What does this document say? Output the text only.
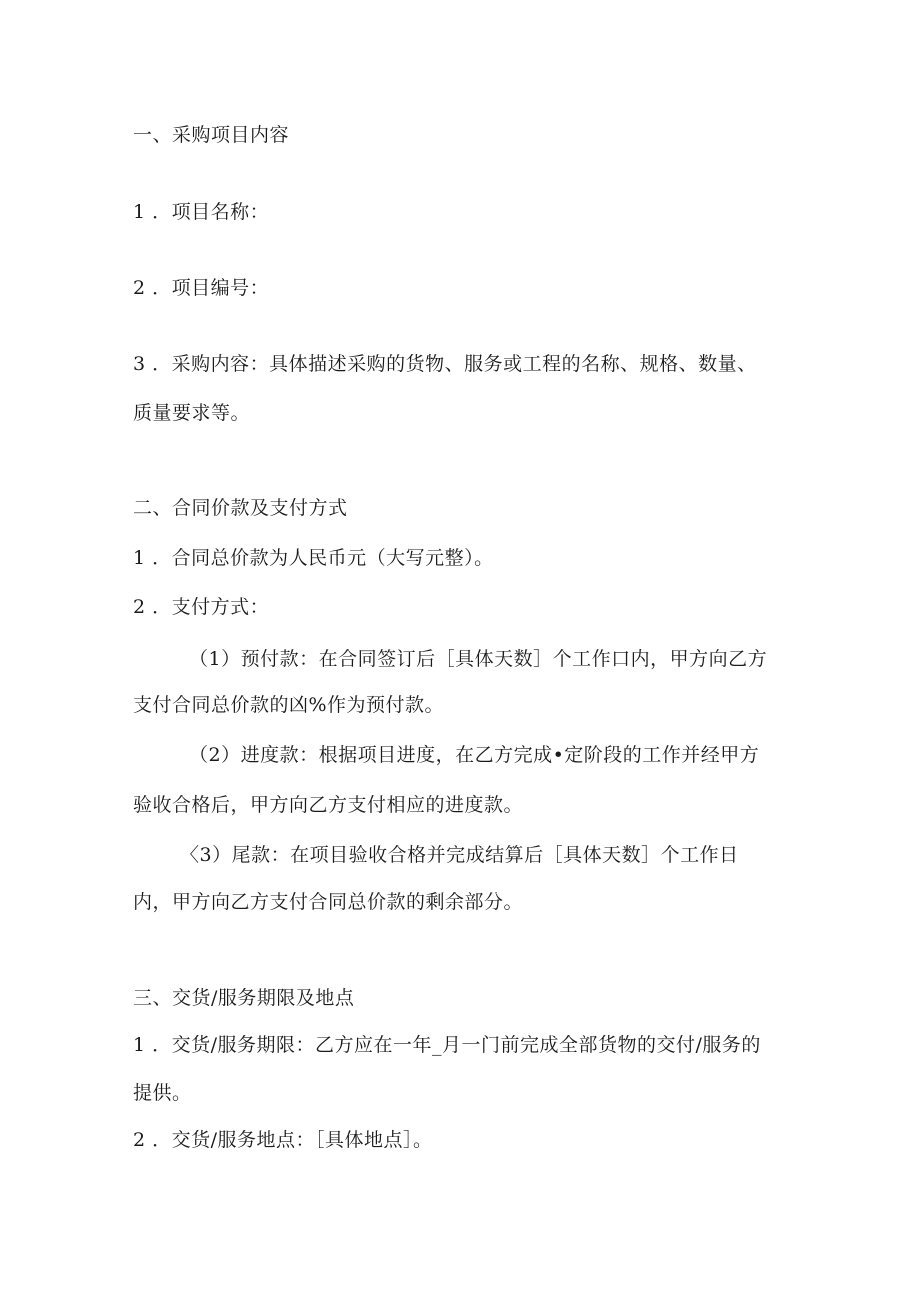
一、采购项目内容
1 ．项目名称：
2 ．项目编号：
3 ．采购内容：具体描述采购的货物、服务或工程的名称、规格、数量、
质量要求等。
二、合同价款及支付方式
1 ．合同总价款为人民币元（大写元整）。
2 ．支付方式：
（1）预付款：在合同签订后［具体天数］个工作口内，甲方向乙方
支付合同总价款的凶%作为预付款。
（2）进度款：根据项目进度，在乙方完成•定阶段的工作并经甲方
验收合格后，甲方向乙方支付相应的进度款。
〈3）尾款：在项目验收合格并完成结算后［具体天数］个工作日
内，甲方向乙方支付合同总价款的剩余部分。
三、交货/服务期限及地点
1 ．交货/服务期限：乙方应在一年_月一门前完成全部货物的交付/服务的
提供。
2 ．交货/服务地点：［具体地点］。
